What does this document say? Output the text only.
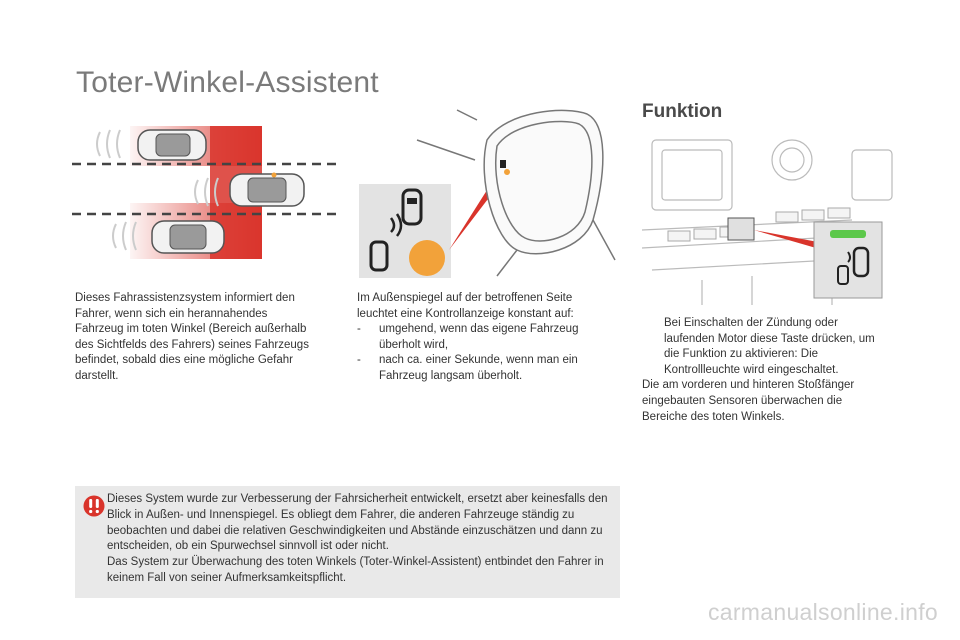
Toter-Winkel-Assistent
Funktion

Dieses Fahrassistenzsystem informiert den Fahrer, wenn sich ein herannahendes Fahrzeug im toten Winkel (Bereich außerhalb des Sichtfelds des Fahrers) seines Fahrzeugs befindet, sobald dies eine mögliche Gefahr darstellt.

Im Außenspiegel auf der betroffenen Seite leuchtet eine Kontrollanzeige konstant auf:

- umgehend, wenn das eigene Fahrzeug überholt wird,
- nach ca. einer Sekunde, wenn man ein Fahrzeug langsam überholt.
Bei Einschalten der Zündung oder laufenden Motor diese Taste drücken, um die Funktion zu aktivieren: Die Kontrollleuchte wird eingeschaltet.

Die am vorderen und hinteren Stoßfänger eingebauten Sensoren überwachen die Bereiche des toten Winkels.

Dieses System wurde zur Verbesserung der Fahrsicherheit entwickelt, ersetzt aber keinesfalls den Blick in Außen- und Innenspiegel. Es obliegt dem Fahrer, die anderen Fahrzeuge ständig zu beobachten und dabei die relativen Geschwindigkeiten und Abstände einzuschätzen und dann zu entscheiden, ob ein Spurwechsel sinnvoll ist oder nicht.
Das System zur Überwachung des toten Winkels (Toter-Winkel-Assistent) entbindet den Fahrer in keinem Fall von seiner Aufmerksamkeitspflicht.
carmanualsonline.info
